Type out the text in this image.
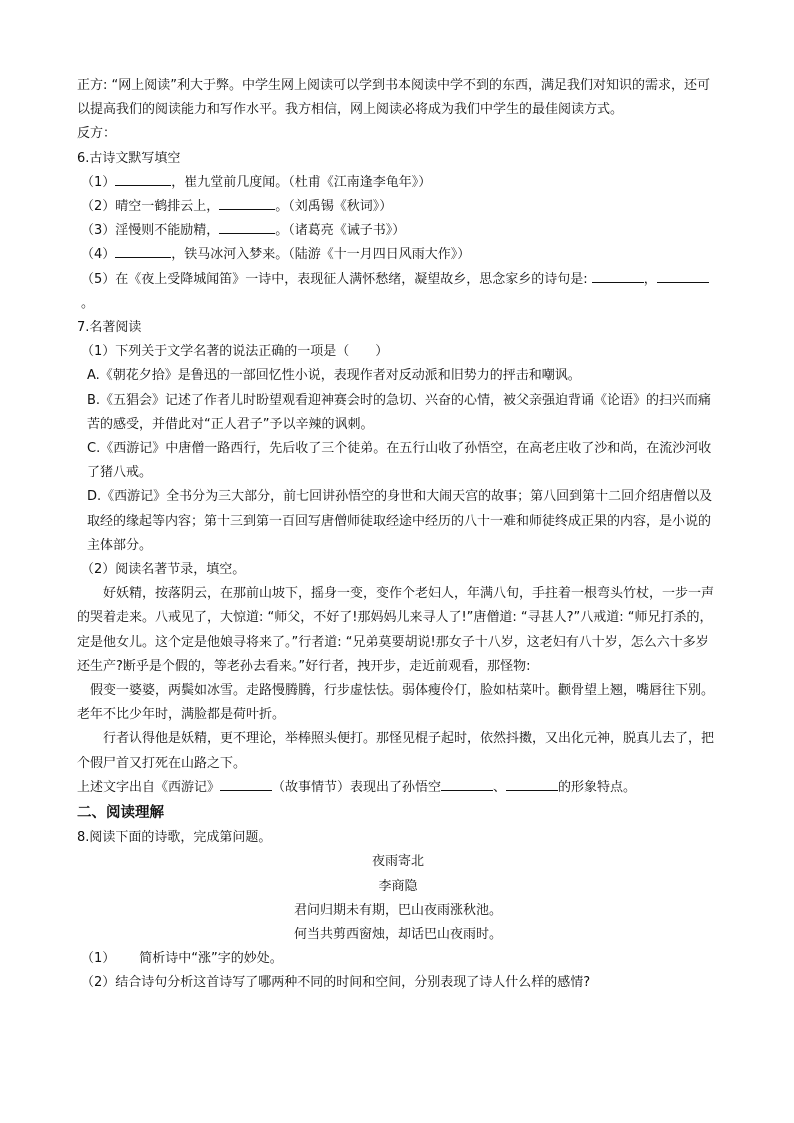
正方: “网上阅读”利大于弊。中学生网上阅读可以学到书本阅读中学不到的东西，满足我们对知识的需求，还可以提高我们的阅读能力和写作水平。我方相信，网上阅读必将成为我们中学生的最佳阅读方式。
反方：
6.古诗文默写填空
（1）	，崔九堂前几度闻。（杜甫《江南逢李龟年》）
（2）晴空一鹤排云上，	。（刘禹锡《秋词》）
（3）淫慢则不能励精，	。（诸葛亮《诫子书》）
（4）	，铁马冰河入梦来。（陆游《十一月四日风雨大作》）
（5）在《夜上受降城闻笛》一诗中，表现征人满怀愁绪，凝望故乡，思念家乡的诗句是:	，。
7.名著阅读
（1）下列关于文学名著的说法正确的一项是（　　）
A.《朝花夕拾》是鲁迅的一部回忆性小说，表现作者对反动派和旧势力的抨击和嘲讽。
B.《五猖会》记述了作者儿时盼望观看迎神赛会时的急切、兴奋的心情，被父亲强迫背诵《论语》的扫兴而痛苦的感受，并借此对“正人君子”予以辛辣的讽刺。
C.《西游记》中唐僧一路西行，先后收了三个徒弟。在五行山收了孙悟空，在高老庄收了沙和尚，在流沙河收了猪八戒。
D.《西游记》全书分为三大部分，前七回讲孙悟空的身世和大闹天宫的故事；第八回到第十二回介绍唐僧以及取经的缘起等内容；第十三到第一百回写唐僧师徒取经途中经历的八十一难和师徒终成正果的内容，是小说的主体部分。
（2）阅读名著节录，填空。
好妖精，按落阴云，在那前山坡下，摇身一变，变作个老妇人，年满八旬，手拄着一根弯头竹杖，一步一声的哭着走来。八戒见了，大惊道: “师父，不好了!那妈妈儿来寻人了!”唐僧道: “寻甚人?”八戒道: “师兄打杀的，定是他女儿。这个定是他娘寻将来了。”行者道: “兄弟莫要胡说!那女子十八岁，这老妇有八十岁，怎么六十多岁还生产?断乎是个假的，等老孙去看来。”好行者，拽开步，走近前观看，那怪物:
假变一婆婆，两鬓如冰雪。走路慢腾腾，行步虚怯怯。弱体瘦伶仃，脸如枯菜叶。颧骨望上翘，嘴唇往下别。老年不比少年时，满脸都是荷叶折。
行者认得他是妖精，更不理论，举棒照头便打。那怪见棍子起时，依然抖擞，又出化元神，脱真儿去了，把个假尸首又打死在山路之下。
上述文字出自《西游记》	（故事情节）表现出了孙悟空	、	的形象特点。
二、阅读理解
8.阅读下面的诗歌，完成第问题。
夜雨寄北
李商隐
君问归期未有期，巴山夜雨涨秋池。
何当共剪西窗烛，却话巴山夜雨时。
（1） 简析诗中“涨”字的妙处。
（2）结合诗句分析这首诗写了哪两种不同的时间和空间，分别表现了诗人什么样的感情?
